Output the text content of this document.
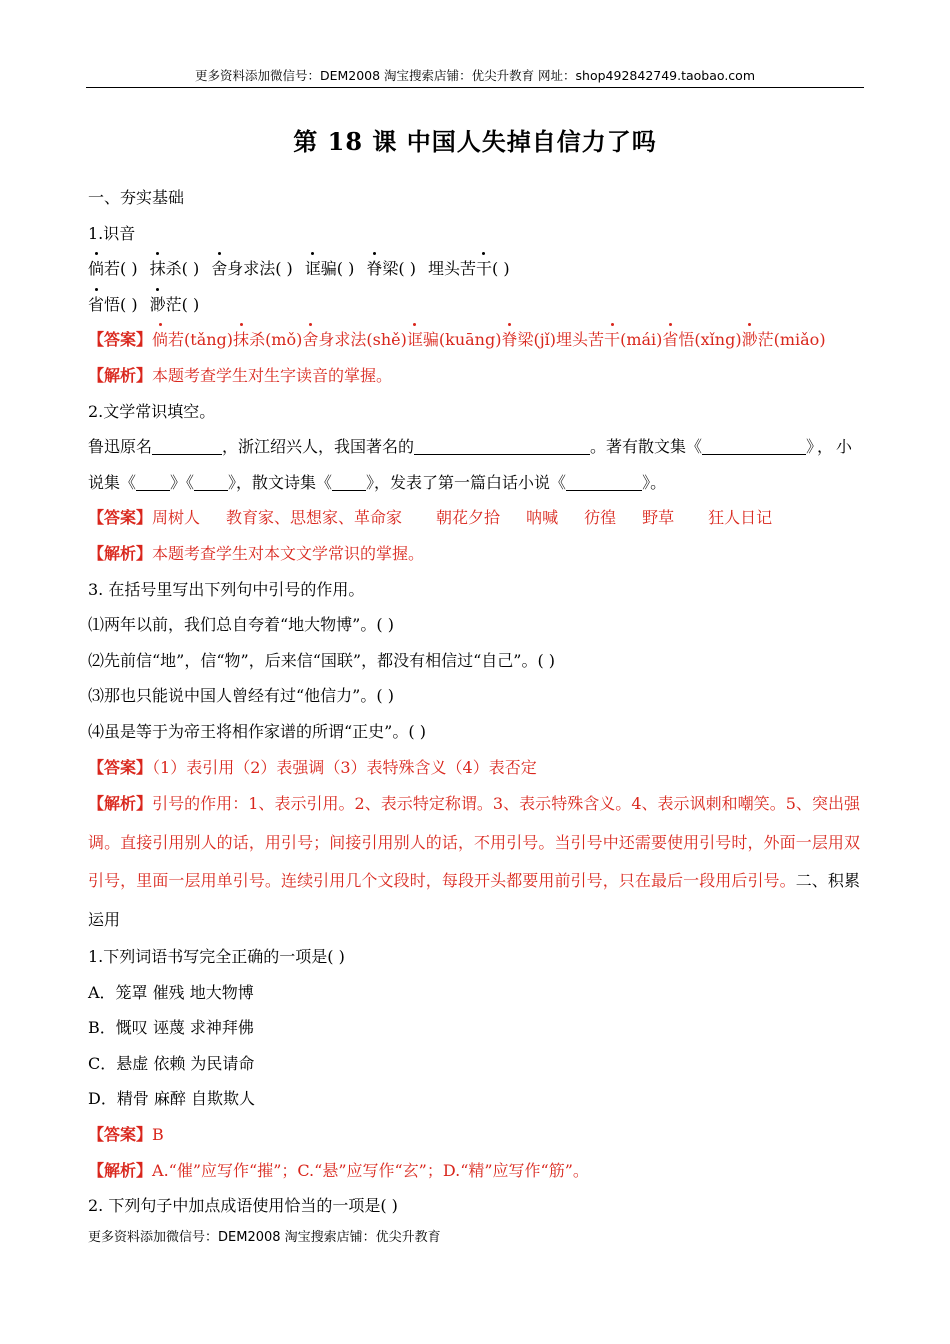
更多资料添加微信号：DEM2008 淘宝搜索店铺：优尖升教育 网址：shop492842749.taobao.com
第 18 课 中国人失掉自信力了吗

一、夯实基础

1.识音

倘若( ) 抹杀( ) 舍身求法( ) 诓骗( ) 脊梁( ) 埋头苦干( )

省悟( ) 渺茫( )

【答案】倘若(tǎng)抹杀(mǒ)舍身求法(shě)诓骗(kuāng)脊梁(jǐ)埋头苦干(mái)省悟(xǐng)渺茫(miǎo)

【解析】本题考查学生对生字读音的掌握。

2.文学常识填空。

鲁迅原名	，浙江绍兴人，我国著名的	。著有散文集《	》，小

说集《 》《 》，散文诗集《 》，发表了第一篇白话小说《	》。

【答案】周树人 教育家、思想家、革命家 朝花夕拾 呐喊 彷徨 野草 狂人日记

【解析】本题考查学生对本文文学常识的掌握。

3. 在括号里写出下列句中引号的作用。

⑴两年以前，我们总自夸着“地大物博”。( )

⑵先前信“地”，信“物”，后来信“国联”，都没有相信过“自己”。( )

⑶那也只能说中国人曾经有过“他信力”。( )

⑷虽是等于为帝王将相作家谱的所谓“正史”。( )

【答案】（1）表引用（2）表强调（3）表特殊含义（4）表否定

【解析】引号的作用：1、表示引用。2、表示特定称谓。3、表示特殊含义。4、表示讽刺和嘲笑。5、突出强调。直接引用别人的话，用引号；间接引用别人的话，不用引号。当引号中还需要使用引号时，外面一层用双引号，里面一层用单引号。连续引用几个文段时，每段开头都要用前引号，只在最后一段用后引号。二、积累运用

1.下列词语书写完全正确的一项是( )

A．笼罩 催残 地大物博

B．慨叹 诬蔑 求神拜佛

C．悬虚 依赖 为民请命

D．精骨 麻醉 自欺欺人

【答案】B

【解析】A.“催”应写作“摧”；C.“悬”应写作“玄”；D.“精”应写作“筋”。

2. 下列句子中加点成语使用恰当的一项是( )

更多资料添加微信号：DEM2008 淘宝搜索店铺：优尖升教育
